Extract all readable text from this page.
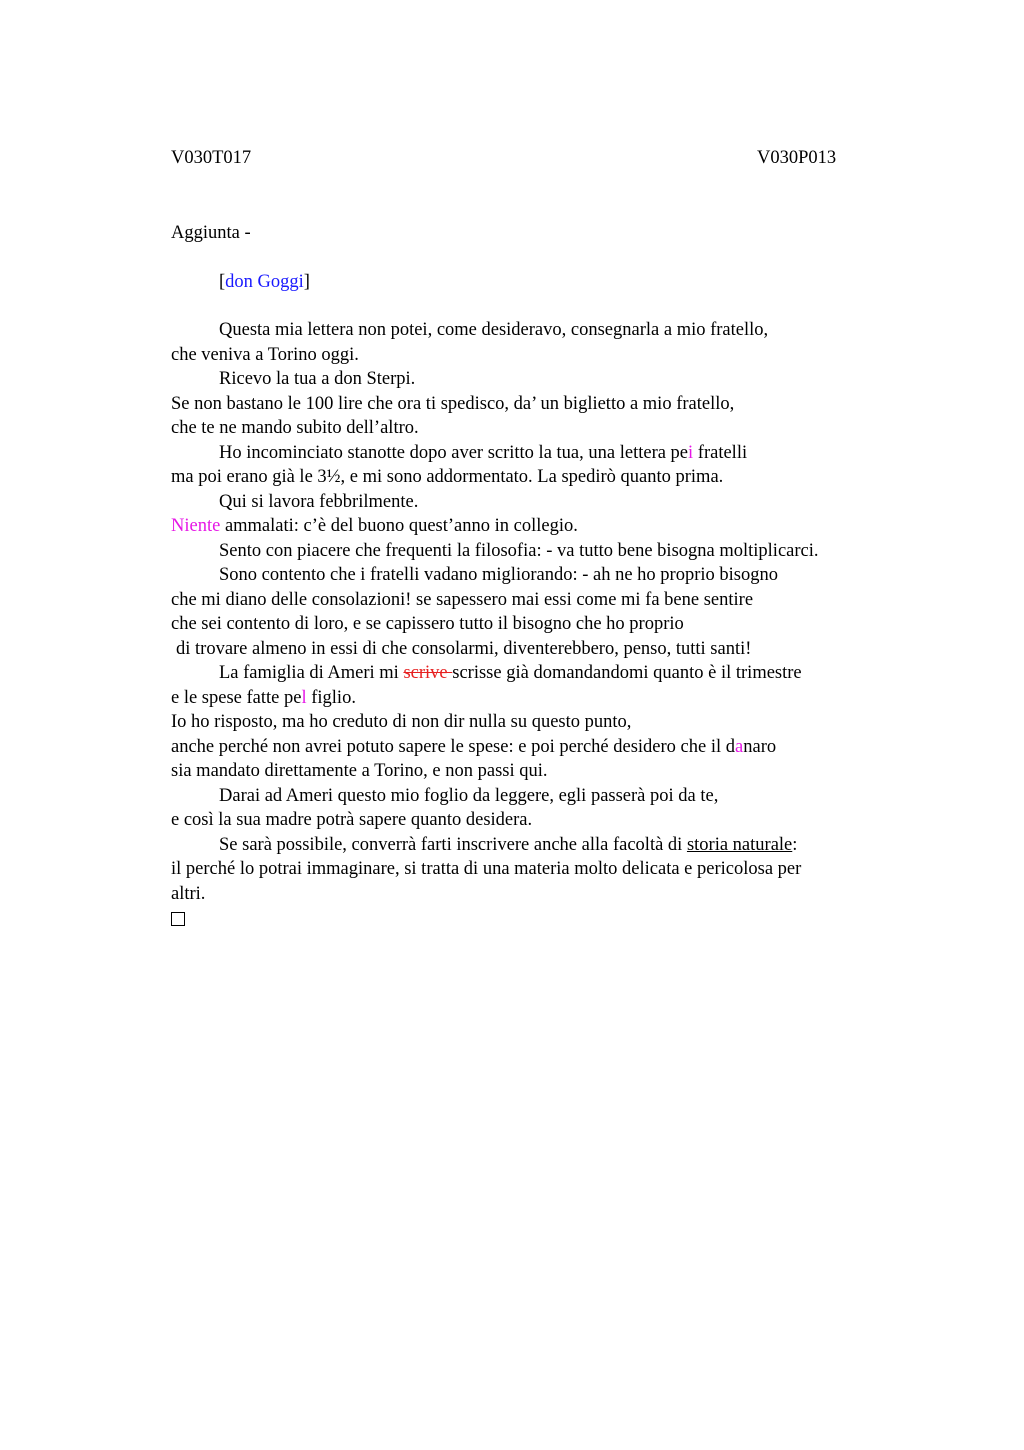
V030T017	V030P013
Aggiunta -
[don Goggi]
Questa mia lettera non potei, come desideravo, consegnarla a mio fratello,
che veniva a Torino oggi.
Ricevo la tua a don Sterpi.
Se non bastano le 100 lire che ora ti spedisco, da’ un biglietto a mio fratello,
che te ne mando subito dell’altro.
Ho incominciato stanotte dopo aver scritto la tua, una lettera pei fratelli
ma poi erano già le 3½, e mi sono addormentato. La spedirò quanto prima.
Qui si lavora febbrilmente.
Niente ammalati: c’è del buono quest’anno in collegio.
Sento con piacere che frequenti la filosofia: - va tutto bene bisogna moltiplicarci.
Sono contento che i fratelli vadano migliorando: - ah ne ho proprio bisogno
che mi diano delle consolazioni! se sapessero mai essi come mi fa bene sentire
che sei contento di loro, e se capissero tutto il bisogno che ho proprio
di trovare almeno in essi di che consolarmi, diventerebbero, penso, tutti santi!
La famiglia di Ameri mi scrive scrisse già domandandomi quanto è il trimestre
e le spese fatte pel figlio.
Io ho risposto, ma ho creduto di non dir nulla su questo punto,
anche perché non avrei potuto sapere le spese: e poi perché desidero che il danaro
sia mandato direttamente a Torino, e non passi qui.
Darai ad Ameri questo mio foglio da leggere, egli passerà poi da te,
e così la sua madre potrà sapere quanto desidera.
Se sarà possibile, converrà farti inscrivere anche alla facoltà di storia naturale:
il perché lo potrai immaginare, si tratta di una materia molto delicata e pericolosa per
altri.
